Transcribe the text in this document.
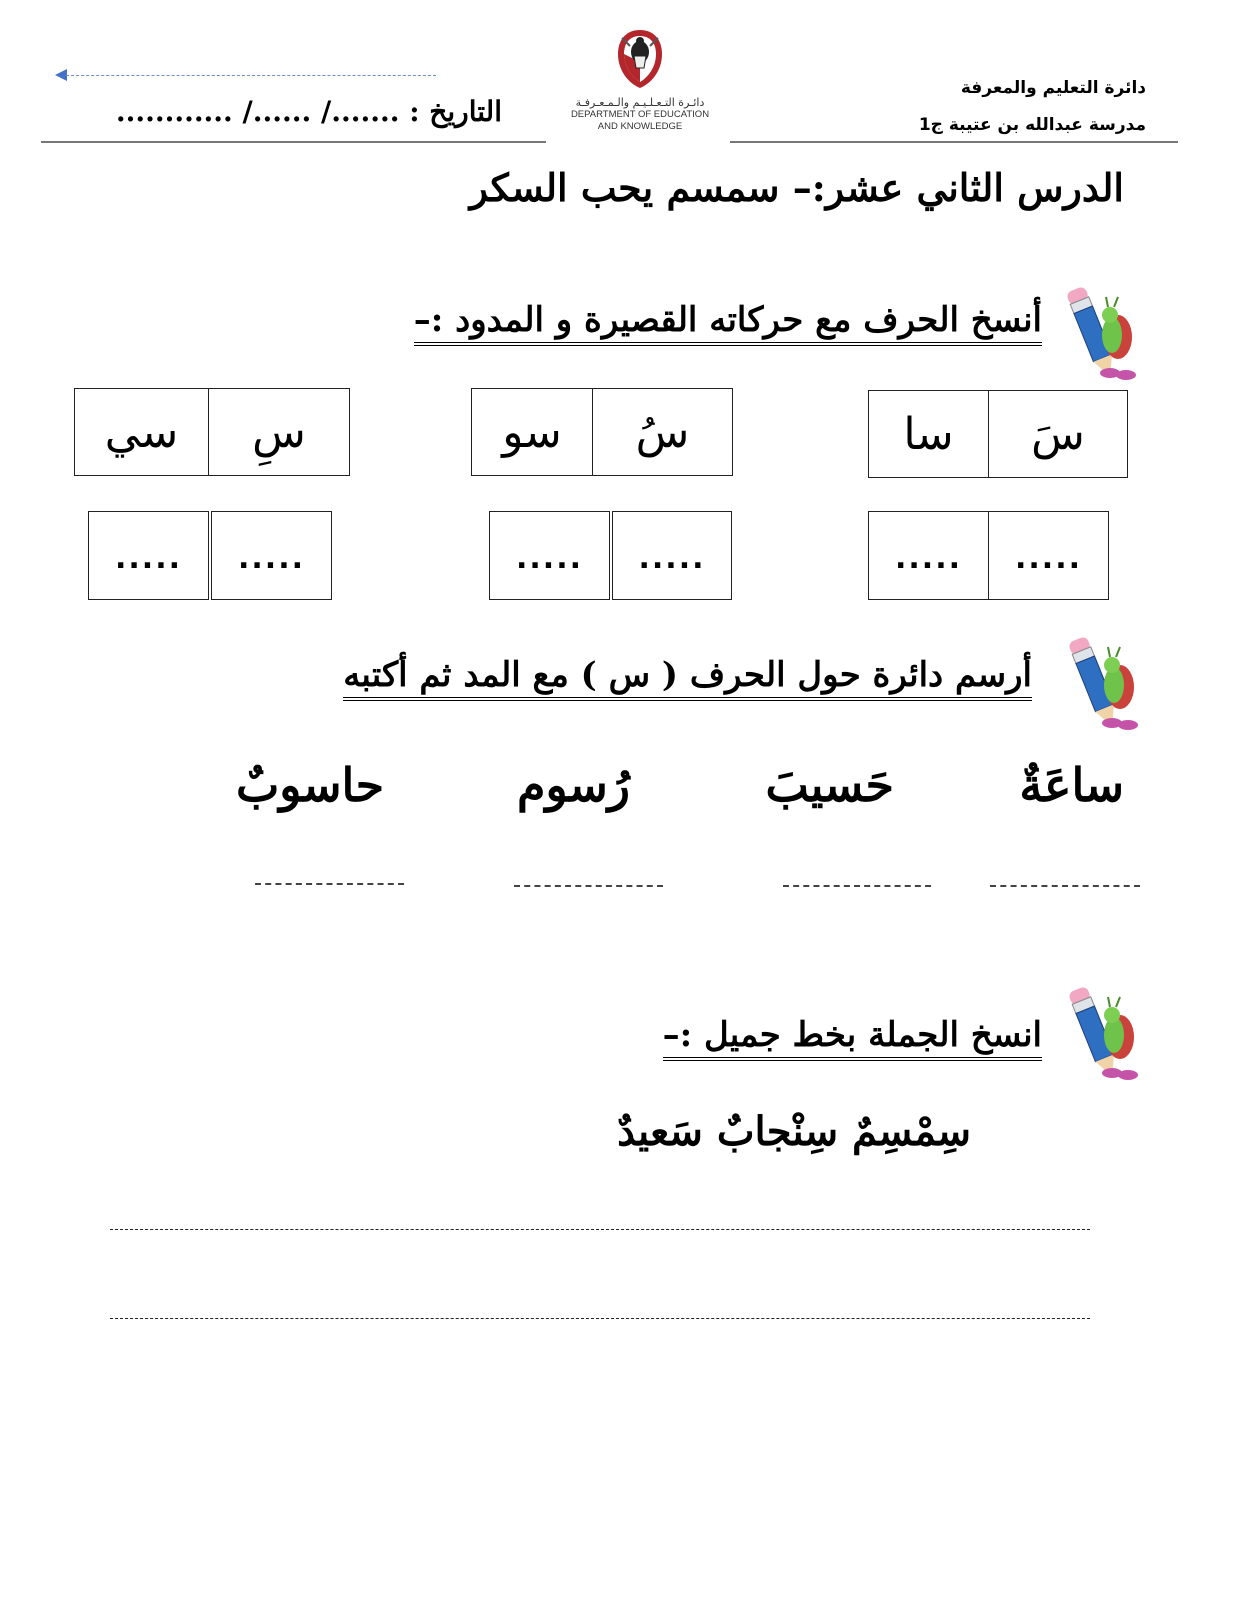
دائرة التعليم والمعرفة
مدرسة عبدالله بن عتيبة ج1
التاريخ : ......./ ....../ ............	دائـرة التـعـلـيـم والـمـعـرفـة
DEPARTMENT OF EDUCATION
AND KNOWLEDGE
الدرس الثاني عشر:– سمسم يحب السكر
أنسخ الحرف مع حركاته القصيرة و المدود :–
سَ
سا
سُ
سو
سِ
سي
.....
.....
.....
.....
.....
.....
أرسم دائرة حول الحرف ( س ) مع المد ثم أكتبه
ساعَةٌ
حَسيبَ
رُسوم
حاسوبٌ
انسخ الجملة بخط جميل :–
سِمْسِمٌ سِنْجابٌ سَعيدٌ
